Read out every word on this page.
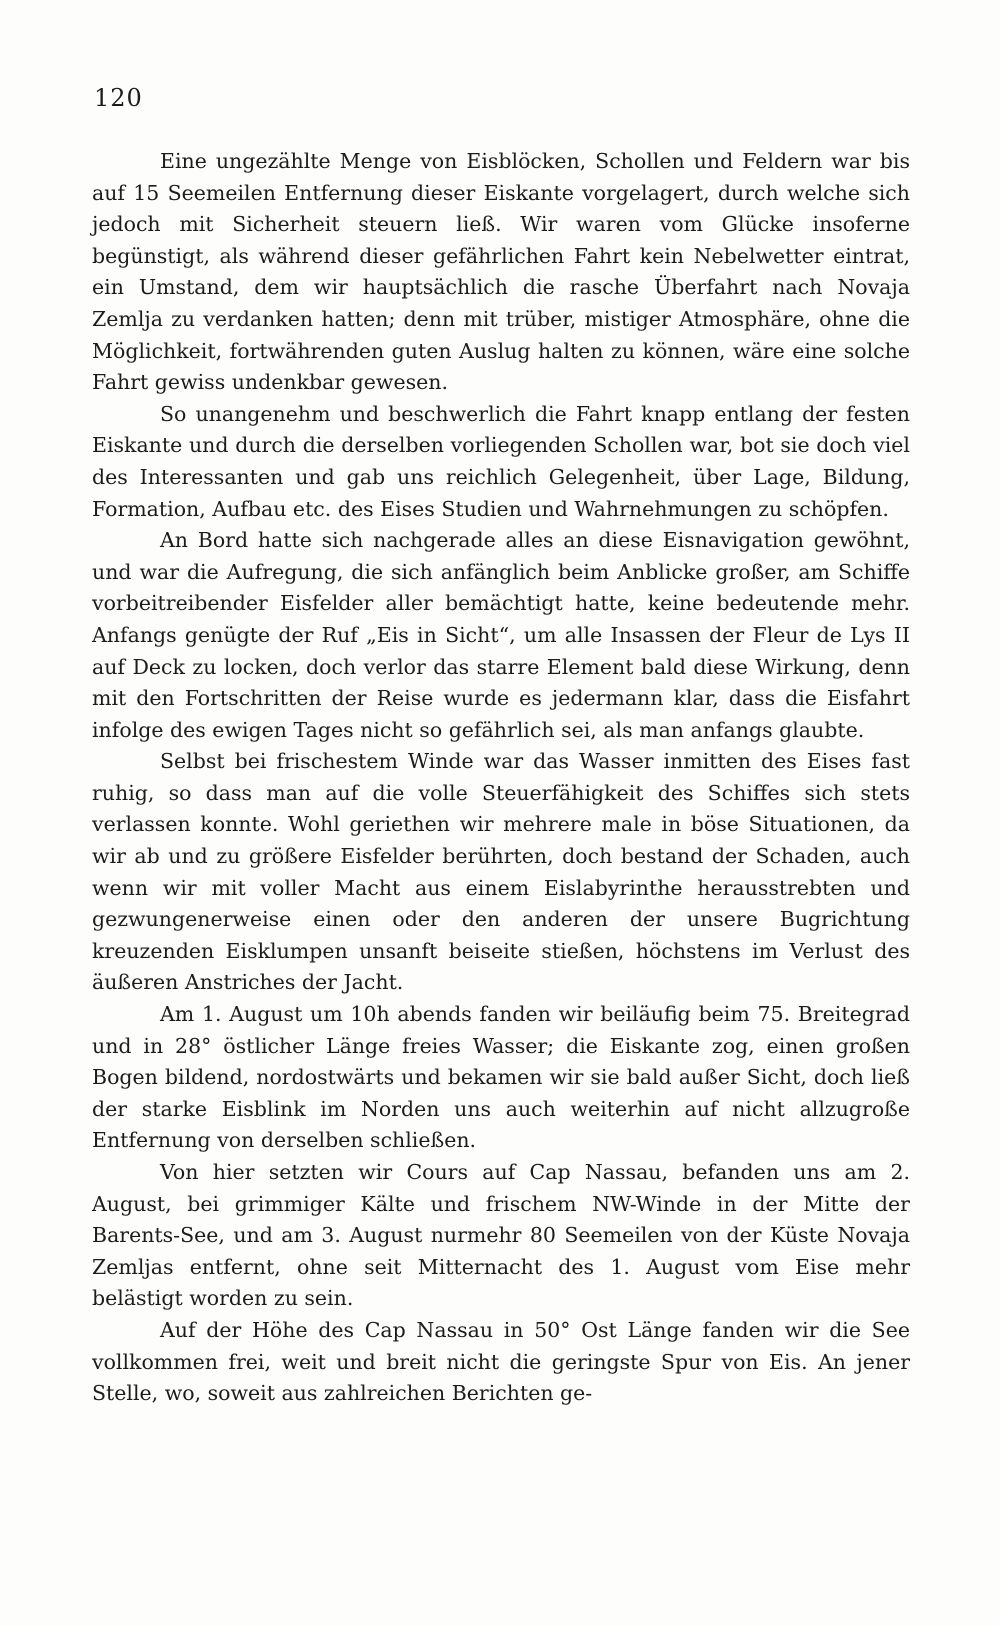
120

Eine ungezählte Menge von Eisblöcken, Schollen und Feldern war bis auf 15 Seemeilen Entfernung dieser Eiskante vorgelagert, durch welche sich jedoch mit Sicherheit steuern ließ. Wir waren vom Glücke insoferne begünstigt, als während dieser gefährlichen Fahrt kein Nebelwetter eintrat, ein Umstand, dem wir hauptsächlich die rasche Überfahrt nach Novaja Zemlja zu verdanken hatten; denn mit trüber, mistiger Atmosphäre, ohne die Möglichkeit, fortwährenden guten Auslug halten zu können, wäre eine solche Fahrt gewiss undenkbar gewesen.

So unangenehm und beschwerlich die Fahrt knapp entlang der festen Eiskante und durch die derselben vorliegenden Schollen war, bot sie doch viel des Interessanten und gab uns reichlich Gelegenheit, über Lage, Bildung, Formation, Aufbau etc. des Eises Studien und Wahrnehmungen zu schöpfen.

An Bord hatte sich nachgerade alles an diese Eisnavigation gewöhnt, und war die Aufregung, die sich anfänglich beim Anblicke großer, am Schiffe vorbeitreibender Eisfelder aller bemächtigt hatte, keine bedeutende mehr. Anfangs genügte der Ruf „Eis in Sicht“, um alle Insassen der Fleur de Lys II auf Deck zu locken, doch verlor das starre Element bald diese Wirkung, denn mit den Fortschritten der Reise wurde es jedermann klar, dass die Eisfahrt infolge des ewigen Tages nicht so gefährlich sei, als man anfangs glaubte.

Selbst bei frischestem Winde war das Wasser inmitten des Eises fast ruhig, so dass man auf die volle Steuerfähigkeit des Schiffes sich stets verlassen konnte. Wohl geriethen wir mehrere male in böse Situationen, da wir ab und zu größere Eisfelder berührten, doch bestand der Schaden, auch wenn wir mit voller Macht aus einem Eislabyrinthe herausstrebten und gezwungenerweise einen oder den anderen der unsere Bugrichtung kreuzenden Eisklumpen unsanft beiseite stießen, höchstens im Verlust des äußeren Anstriches der Jacht.

Am 1. August um 10h abends fanden wir beiläufig beim 75. Breitegrad und in 28° östlicher Länge freies Wasser; die Eiskante zog, einen großen Bogen bildend, nordostwärts und bekamen wir sie bald außer Sicht, doch ließ der starke Eisblink im Norden uns auch weiterhin auf nicht allzugroße Entfernung von derselben schließen.

Von hier setzten wir Cours auf Cap Nassau, befanden uns am 2. August, bei grimmiger Kälte und frischem NW-Winde in der Mitte der Barents-See, und am 3. August nurmehr 80 Seemeilen von der Küste Novaja Zemljas entfernt, ohne seit Mitternacht des 1. August vom Eise mehr belästigt worden zu sein.

Auf der Höhe des Cap Nassau in 50° Ost Länge fanden wir die See vollkommen frei, weit und breit nicht die geringste Spur von Eis. An jener Stelle, wo, soweit aus zahlreichen Berichten ge-
